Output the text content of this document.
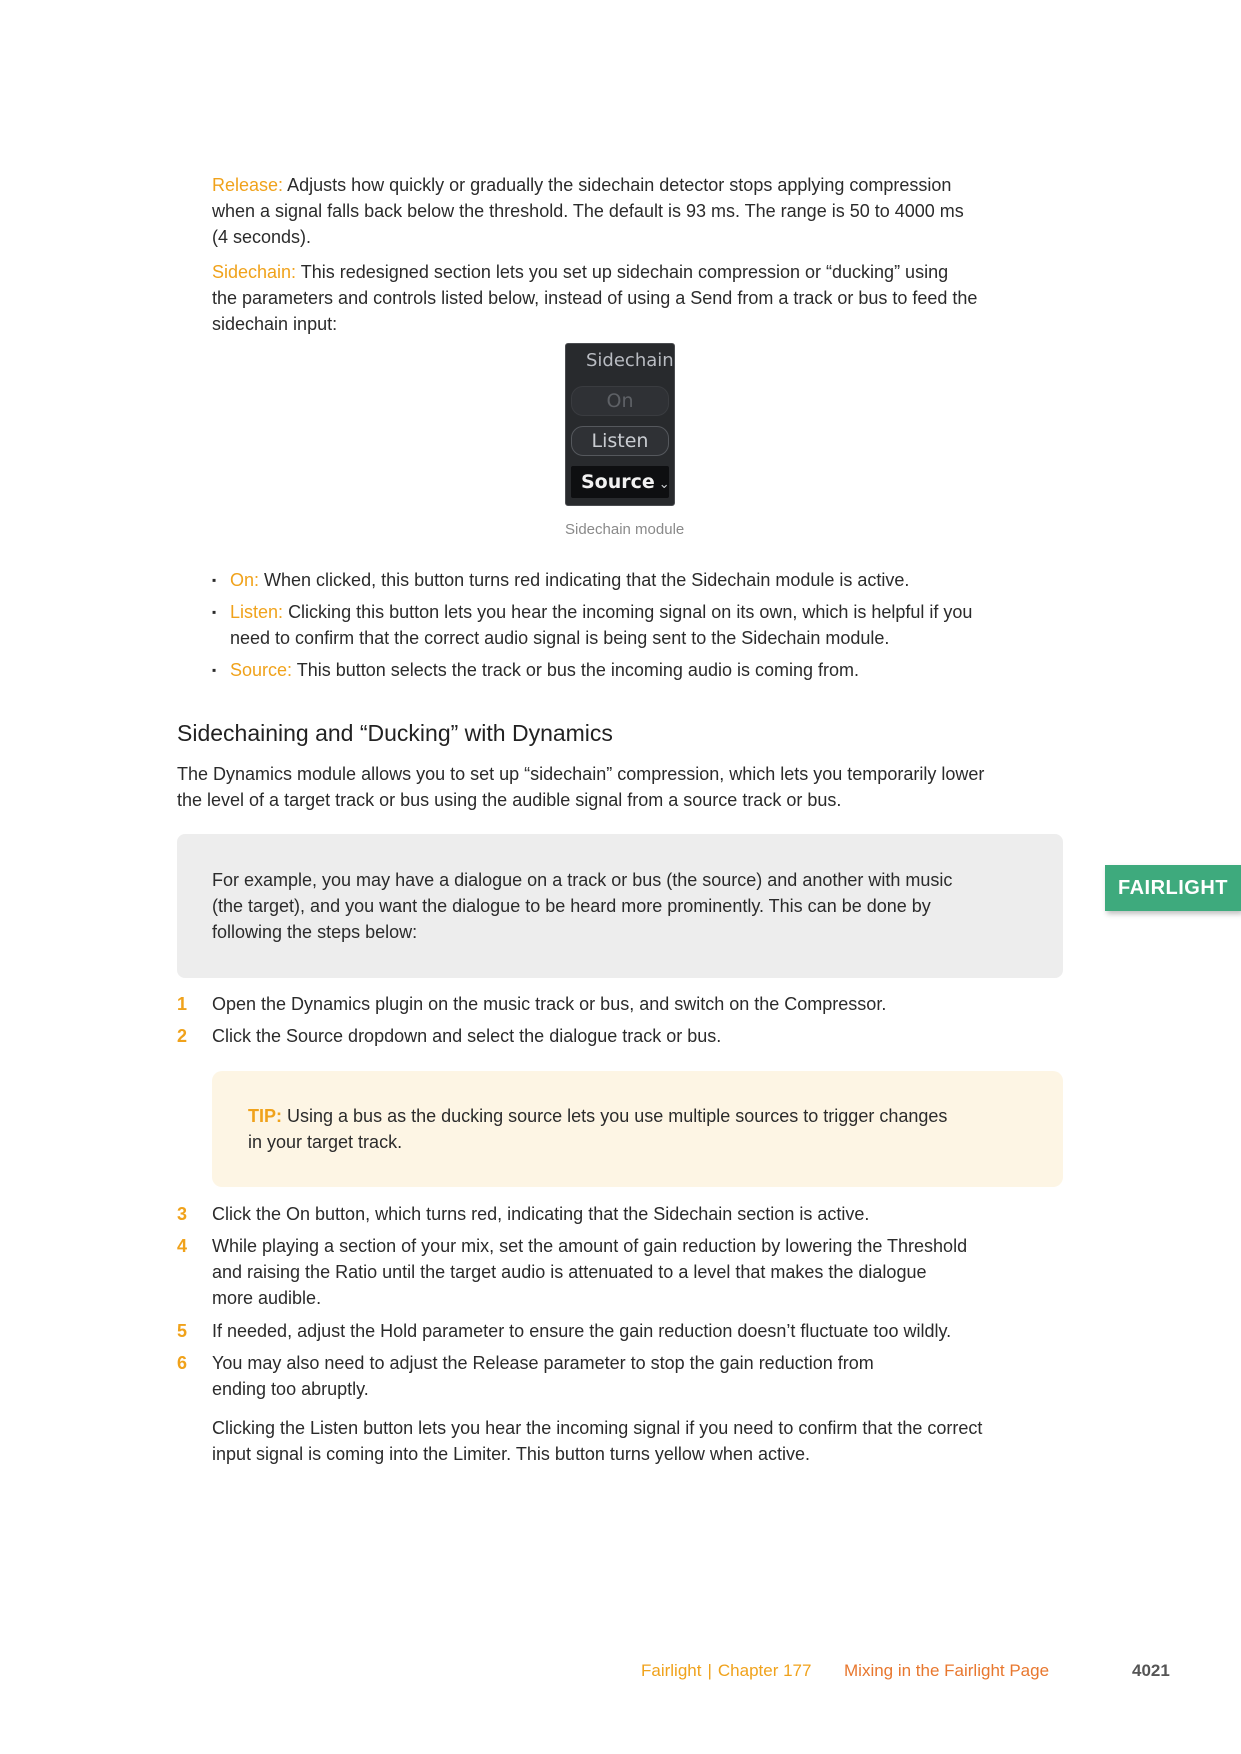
Release: Adjusts how quickly or gradually the sidechain detector stops applying compression
when a signal falls back below the threshold. The default is 93 ms. The range is 50 to 4000 ms
(4 seconds).

Sidechain: This redesigned section lets you set up sidechain compression or “ducking” using
the parameters and controls listed below, instead of using a Send from a track or bus to feed the
sidechain input:

Sidechain
On
Listen
Source ⌄
Sidechain module
▪ On: When clicked, this button turns red indicating that the Sidechain module is active.

▪ Listen: Clicking this button lets you hear the incoming signal on its own, which is helpful if you
need to confirm that the correct audio signal is being sent to the Sidechain module.

▪ Source: This button selects the track or bus the incoming audio is coming from.

Sidechaining and “Ducking” with Dynamics

The Dynamics module allows you to set up “sidechain” compression, which lets you temporarily lower
the level of a target track or bus using the audible signal from a source track or bus.

For example, you may have a dialogue on a track or bus (the source) and another with music
(the target), and you want the dialogue to be heard more prominently. This can be done by
following the steps below:

1 Open the Dynamics plugin on the music track or bus, and switch on the Compressor.

2 Click the Source dropdown and select the dialogue track or bus.

TIP: Using a bus as the ducking source lets you use multiple sources to trigger changes
in your target track.

3 Click the On button, which turns red, indicating that the Sidechain section is active.

4 While playing a section of your mix, set the amount of gain reduction by lowering the Threshold
and raising the Ratio until the target audio is attenuated to a level that makes the dialogue
more audible.

5 If needed, adjust the Hold parameter to ensure the gain reduction doesn’t fluctuate too wildly.

6 You may also need to adjust the Release parameter to stop the gain reduction from
ending too abruptly.

Clicking the Listen button lets you hear the incoming signal if you need to confirm that the correct
input signal is coming into the Limiter. This button turns yellow when active.

FAIRLIGHT
Fairlight | Chapter 177 Mixing in the Fairlight Page	4021
